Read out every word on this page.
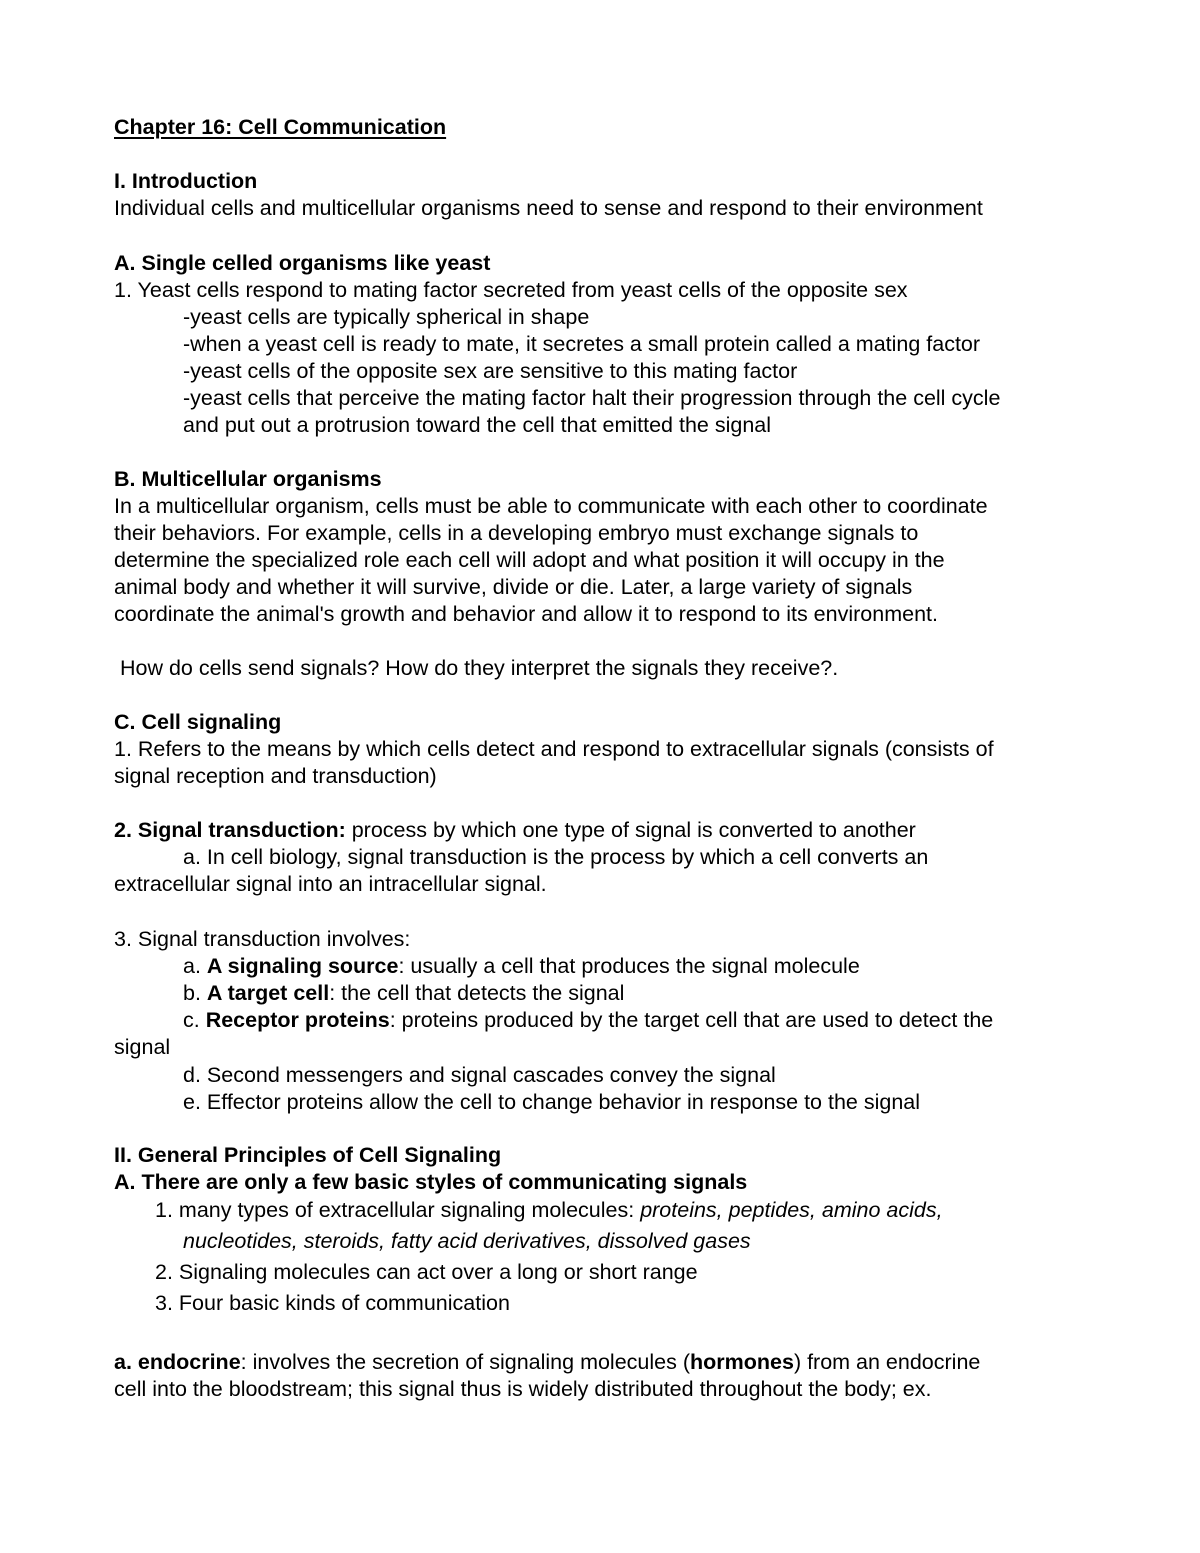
Chapter 16: Cell Communication
I. Introduction
Individual cells and multicellular organisms need to sense and respond to their environment
A. Single celled organisms like yeast
1. Yeast cells respond to mating factor secreted from yeast cells of the opposite sex
-yeast cells are typically spherical in shape
-when a yeast cell is ready to mate, it secretes a small protein called a mating factor
-yeast cells of the opposite sex are sensitive to this mating factor
-yeast cells that perceive the mating factor halt their progression through the cell cycle
and put out a protrusion toward the cell that emitted the signal
B. Multicellular organisms
In a multicellular organism, cells must be able to communicate with each other to coordinate
their behaviors. For example, cells in a developing embryo must exchange signals to
determine the specialized role each cell will adopt and what position it will occupy in the
animal body and whether it will survive, divide or die. Later, a large variety of signals
coordinate the animal's growth and behavior and allow it to respond to its environment.
How do cells send signals? How do they interpret the signals they receive?.
C. Cell signaling
1. Refers to the means by which cells detect and respond to extracellular signals (consists of
signal reception and transduction)
2. Signal transduction: process by which one type of signal is converted to another
a. In cell biology, signal transduction is the process by which a cell converts an
extracellular signal into an intracellular signal.
3. Signal transduction involves:
a. A signaling source: usually a cell that produces the signal molecule
b. A target cell: the cell that detects the signal
c. Receptor proteins: proteins produced by the target cell that are used to detect the
signal
d. Second messengers and signal cascades convey the signal
e. Effector proteins allow the cell to change behavior in response to the signal
II. General Principles of Cell Signaling
A. There are only a few basic styles of communicating signals
1. many types of extracellular signaling molecules: proteins, peptides, amino acids,
nucleotides, steroids, fatty acid derivatives, dissolved gases
2. Signaling molecules can act over a long or short range
3. Four basic kinds of communication
a. endocrine: involves the secretion of signaling molecules (hormones) from an endocrine
cell into the bloodstream; this signal thus is widely distributed throughout the body; ex.
